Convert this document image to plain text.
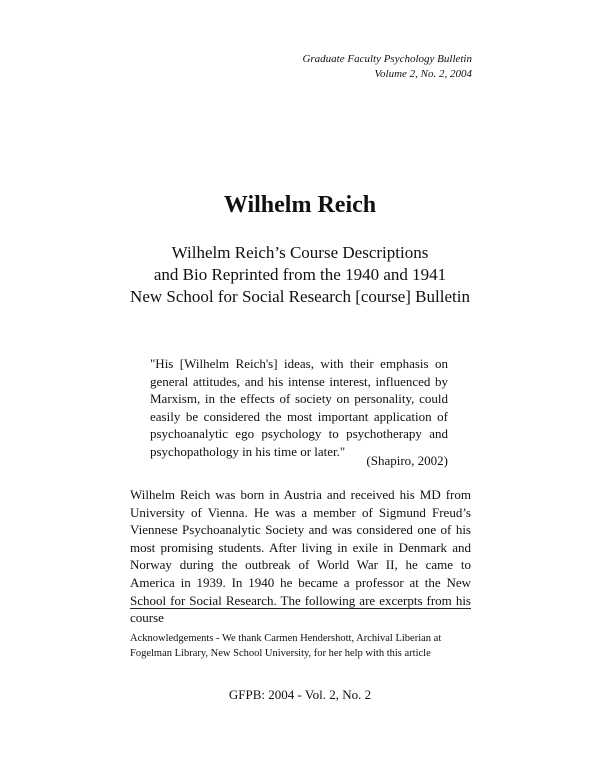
Graduate Faculty Psychology Bulletin
Volume 2, No. 2, 2004
Wilhelm Reich
Wilhelm Reich’s Course Descriptions
and Bio Reprinted from the 1940 and 1941
New School for Social Research [course] Bulletin

"His [Wilhelm Reich's] ideas, with their emphasis on general attitudes, and his intense interest, influenced by Marxism, in the effects of society on personality, could easily be considered the most important application of psychoanalytic ego psychology to psychotherapy and psychopathology in his time or later."

(Shapiro, 2002)

Wilhelm Reich was born in Austria and received his MD from University of Vienna. He was a member of Sigmund Freud’s Viennese Psychoanalytic Society and was considered one of his most promising students. After living in exile in Denmark and Norway during the outbreak of World War II, he came to America in 1939. In 1940 he became a professor at the New School for Social Research. The following are excerpts from his course

Acknowledgements - We thank Carmen Hendershott, Archival Liberian at Fogelman Library, New School University, for her help with this article

GFPB: 2004 - Vol. 2, No. 2
